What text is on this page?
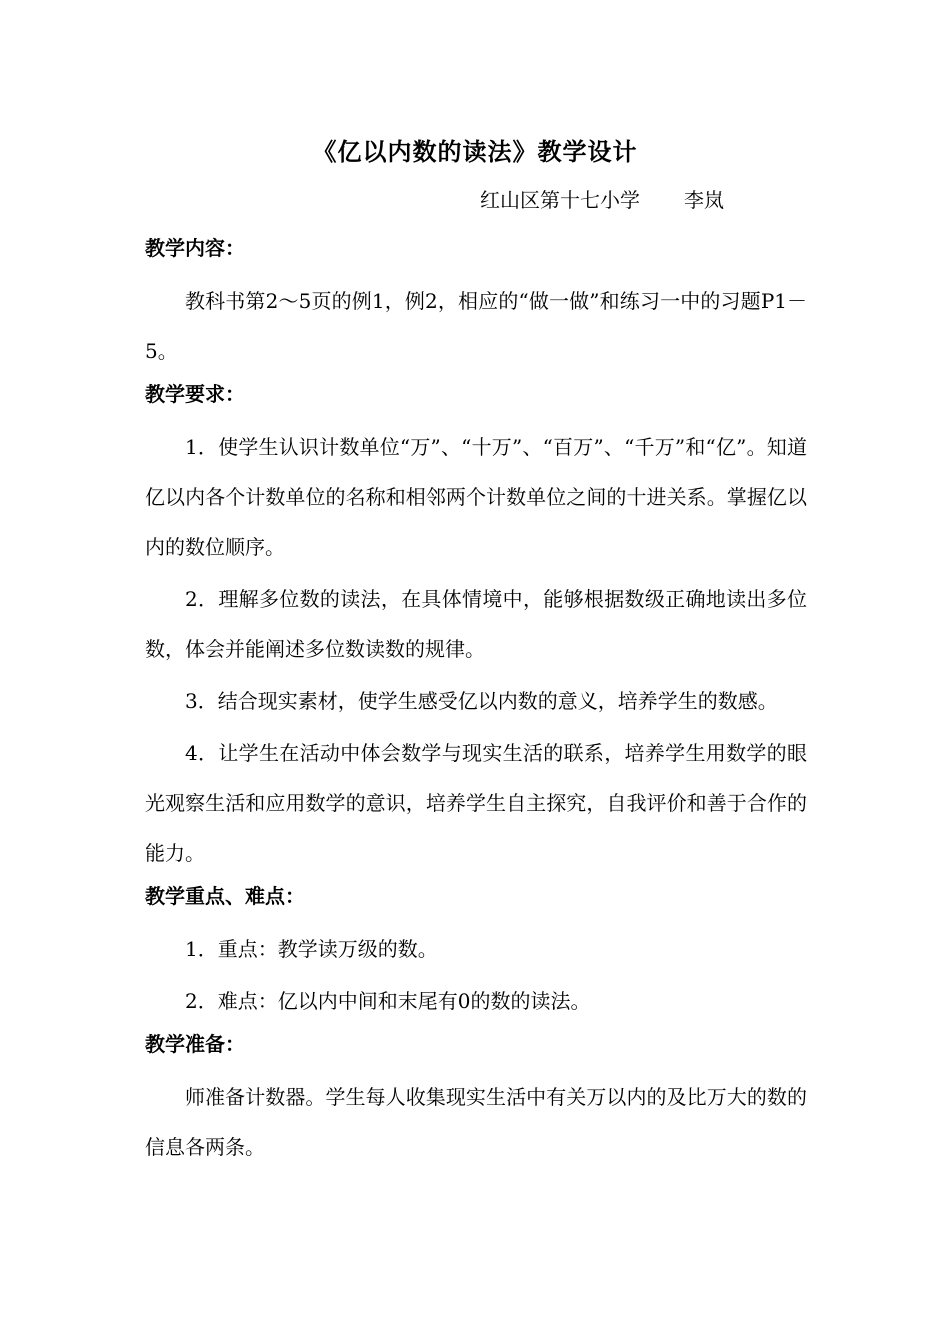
《亿以内数的读法》教学设计
红山区第十七小学 李岚

教学内容：

教科书第2～5页的例1，例2，相应的“做一做”和练习一中的习题P1－5。

教学要求：

1．使学生认识计数单位“万”、“十万”、“百万”、“千万”和“亿”。知道亿以内各个计数单位的名称和相邻两个计数单位之间的十进关系。掌握亿以内的数位顺序。

2．理解多位数的读法，在具体情境中，能够根据数级正确地读出多位数，体会并能阐述多位数读数的规律。

3．结合现实素材，使学生感受亿以内数的意义，培养学生的数感。

4．让学生在活动中体会数学与现实生活的联系，培养学生用数学的眼光观察生活和应用数学的意识，培养学生自主探究，自我评价和善于合作的能力。

教学重点、难点：

1．重点：教学读万级的数。

2．难点：亿以内中间和末尾有0的数的读法。

教学准备：

师准备计数器。学生每人收集现实生活中有关万以内的及比万大的数的信息各两条。
